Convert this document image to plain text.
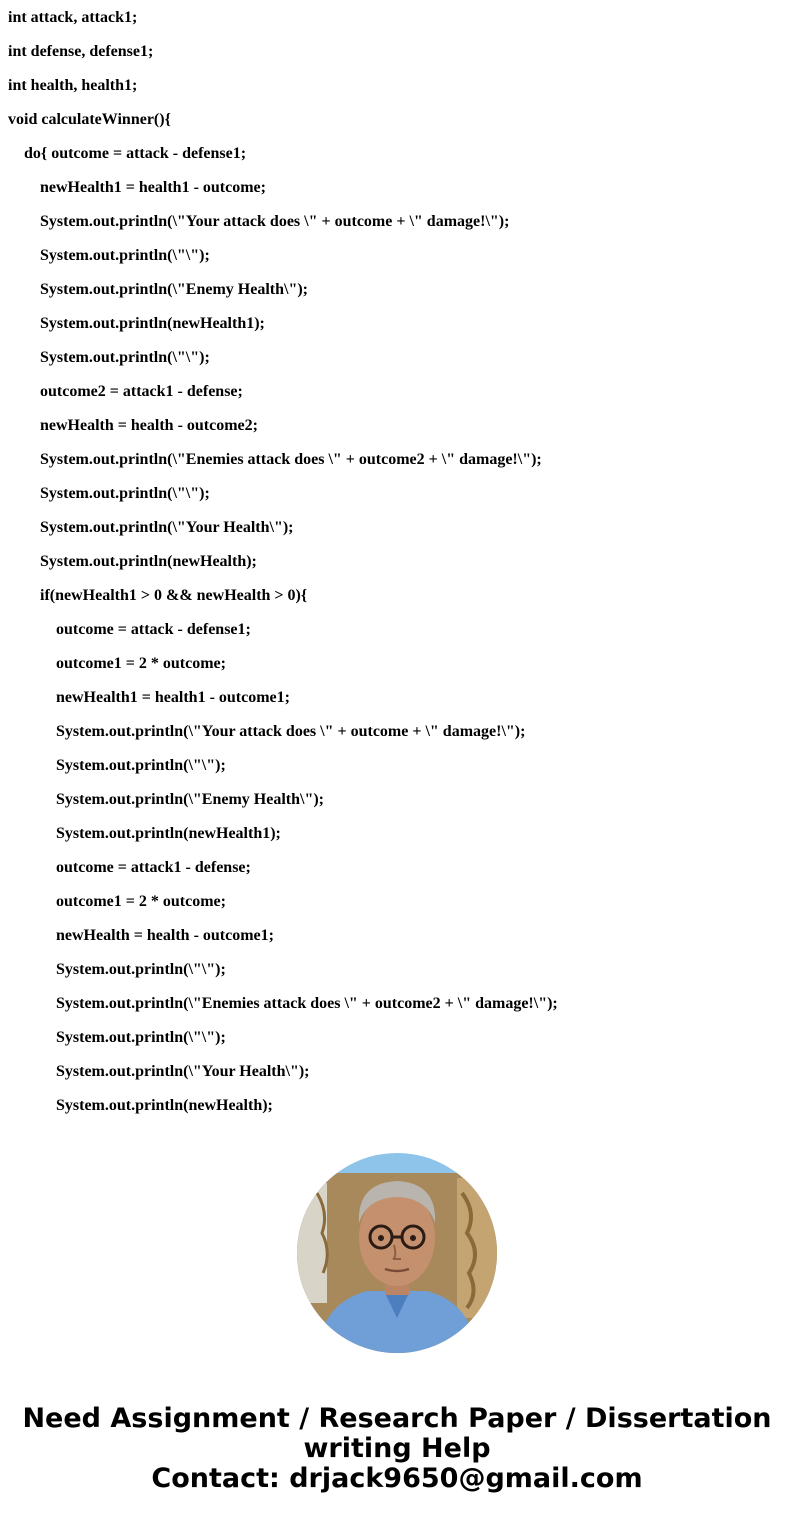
int attack, attack1;
int defense, defense1;
int health, health1;
void calculateWinner(){
do{ outcome = attack - defense1;
newHealth1 = health1 - outcome;
System.out.println(\"Your attack does \" + outcome + \" damage!\");
System.out.println(\"\");
System.out.println(\"Enemy Health\");
System.out.println(newHealth1);
System.out.println(\"\");
outcome2 = attack1 - defense;
newHealth = health - outcome2;
System.out.println(\"Enemies attack does \" + outcome2 + \" damage!\");
System.out.println(\"\");
System.out.println(\"Your Health\");
System.out.println(newHealth);
if(newHealth1 > 0 && newHealth > 0){
outcome = attack - defense1;
outcome1 = 2 * outcome;
newHealth1 = health1 - outcome1;
System.out.println(\"Your attack does \" + outcome + \" damage!\");
System.out.println(\"\");
System.out.println(\"Enemy Health\");
System.out.println(newHealth1);
outcome = attack1 - defense;
outcome1 = 2 * outcome;
newHealth = health - outcome1;
System.out.println(\"\");
System.out.println(\"Enemies attack does \" + outcome2 + \" damage!\");
System.out.println(\"\");
System.out.println(\"Your Health\");
System.out.println(newHealth);
Need Assignment / Research Paper / Dissertation
writing Help
Contact: drjack9650@gmail.com
